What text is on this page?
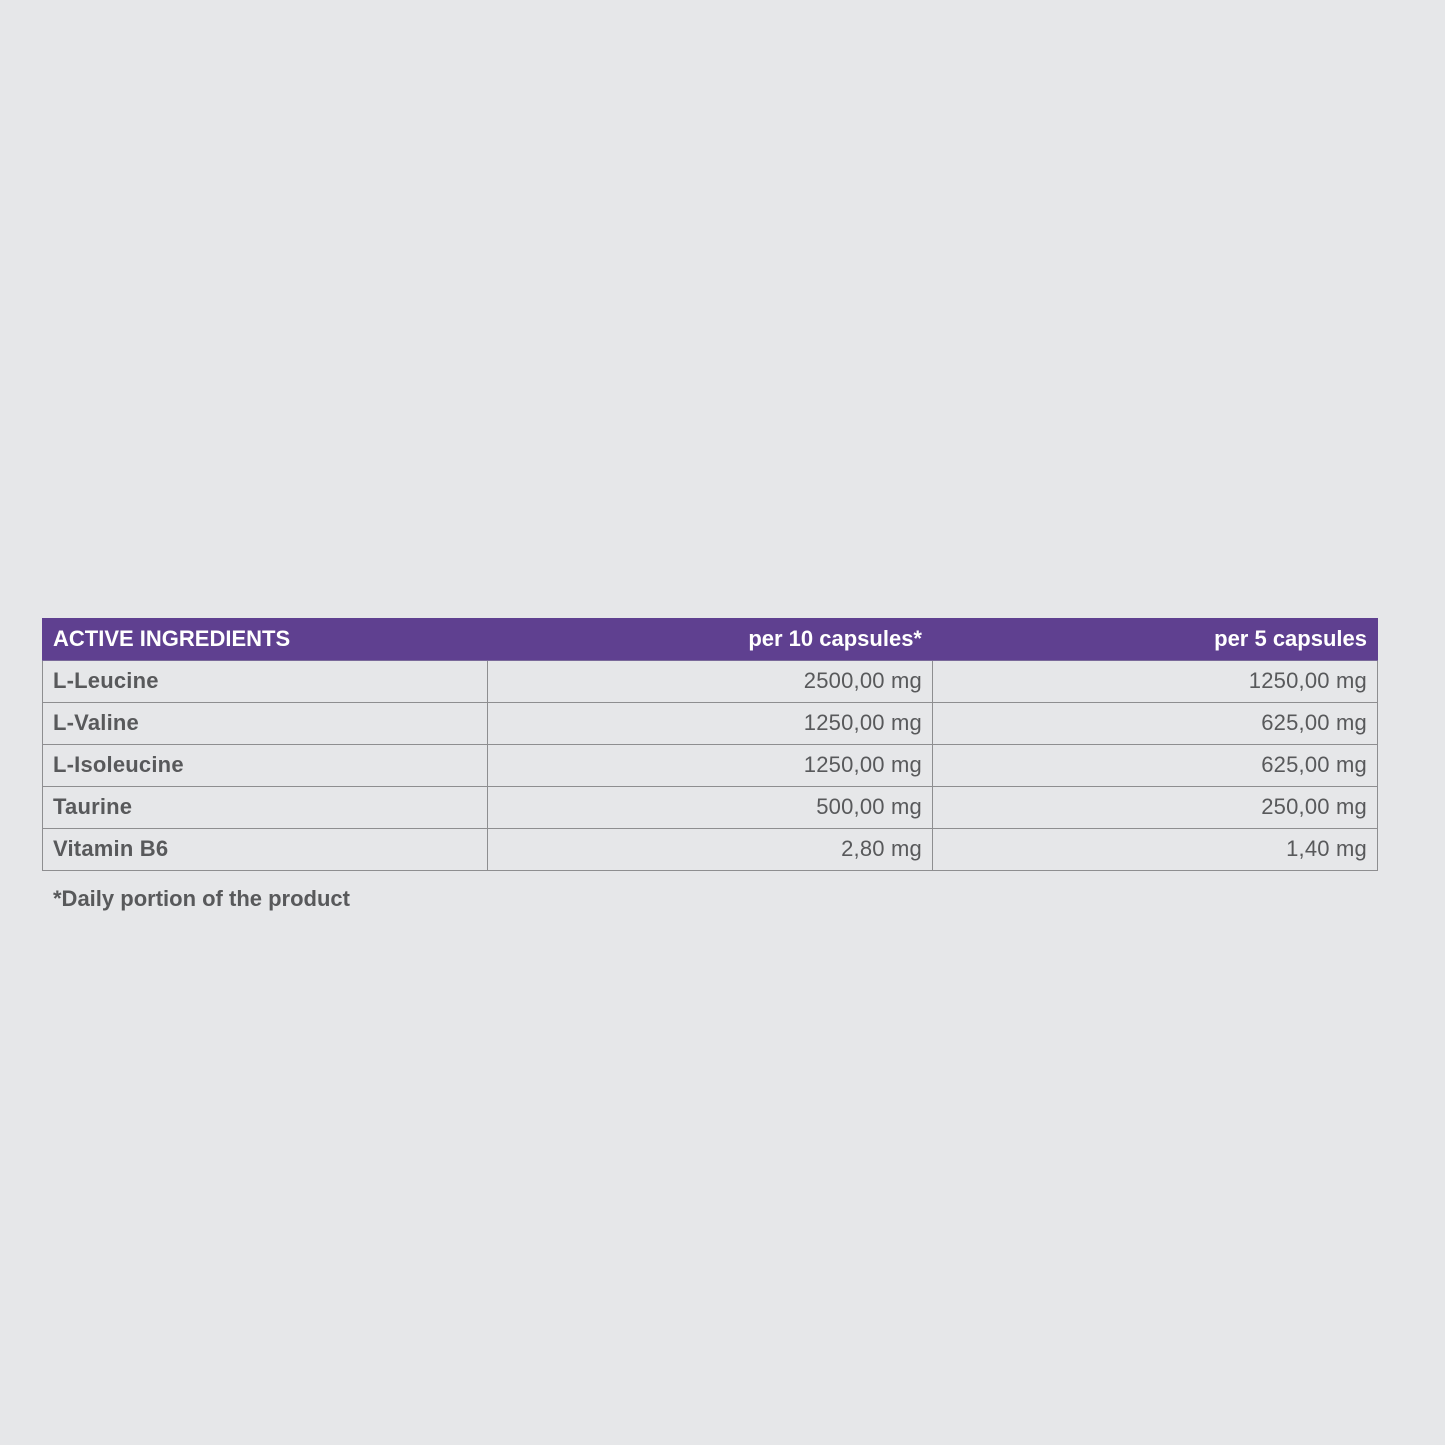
ACTIVE INGREDIENTS	per 10 capsules*	per 5 capsules
L-Leucine	2500,00 mg	1250,00 mg
L-Valine	1250,00 mg	625,00 mg
L-Isoleucine	1250,00 mg	625,00 mg
Taurine	500,00 mg	250,00 mg
Vitamin B6	2,80 mg	1,40 mg

*Daily portion of the product
